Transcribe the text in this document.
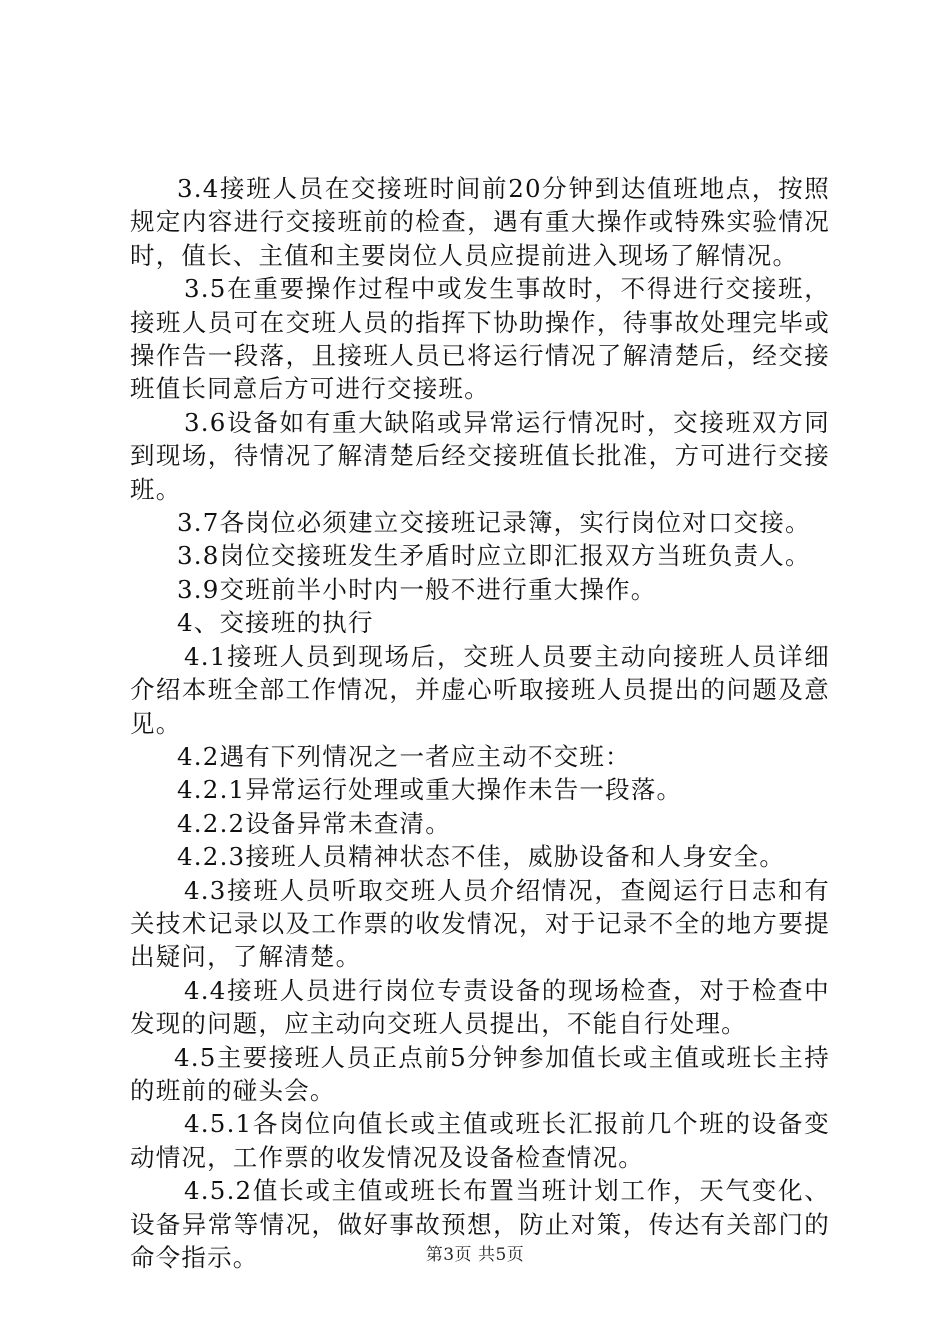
3.4接班人员在交接班时间前20分钟到达值班地点，按照规定内容进行交接班前的检查，遇有重大操作或特殊实验情况时，值长、主值和主要岗位人员应提前进入现场了解情况。

3.5在重要操作过程中或发生事故时，不得进行交接班，接班人员可在交班人员的指挥下协助操作，待事故处理完毕或操作告一段落，且接班人员已将运行情况了解清楚后，经交接班值长同意后方可进行交接班。

3.6设备如有重大缺陷或异常运行情况时，交接班双方同到现场，待情况了解清楚后经交接班值长批准，方可进行交接班。

3.7各岗位必须建立交接班记录簿，实行岗位对口交接。

3.8岗位交接班发生矛盾时应立即汇报双方当班负责人。

3.9交班前半小时内一般不进行重大操作。

4、交接班的执行

4.1接班人员到现场后，交班人员要主动向接班人员详细介绍本班全部工作情况，并虚心听取接班人员提出的问题及意见。

4.2遇有下列情况之一者应主动不交班：

4.2.1异常运行处理或重大操作未告一段落。

4.2.2设备异常未查清。

4.2.3接班人员精神状态不佳，威胁设备和人身安全。

4.3接班人员听取交班人员介绍情况，查阅运行日志和有关技术记录以及工作票的收发情况，对于记录不全的地方要提出疑问，了解清楚。

4.4接班人员进行岗位专责设备的现场检查，对于检查中发现的问题，应主动向交班人员提出，不能自行处理。

4.5主要接班人员正点前5分钟参加值长或主值或班长主持的班前的碰头会。

4.5.1各岗位向值长或主值或班长汇报前几个班的设备变动情况，工作票的收发情况及设备检查情况。

4.5.2值长或主值或班长布置当班计划工作，天气变化、设备异常等情况，做好事故预想，防止对策，传达有关部门的命令指示。	第3页 共5页
